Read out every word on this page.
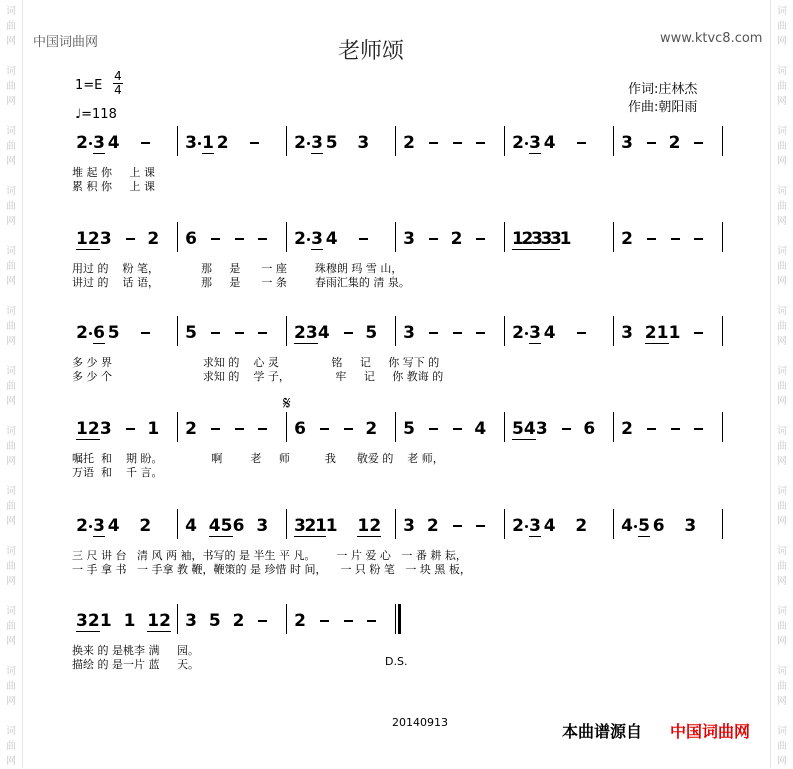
词
曲
网
词
曲
网
词
曲
网
词
曲
网
词
曲
网
词
曲
网
词
曲
网
词
曲
网
词
曲
网
词
曲
网
词
曲
网
词
曲
网
词
曲
网
词
曲
网
词
曲
网
词
曲
网
词
曲
网
词
曲
网
词
曲
网
词
曲
网
词
曲
网
词
曲
网
词
曲
网
词
曲
网
词
曲
网
词
曲
网
中国词曲网	www.ktvc8.com
老师颂
1=E
4
4
♩=118
作词:庄林杰
作曲:朝阳雨
2 3 4	3 1 2	2 3 5 3 2	2 3 4	3 2
堆 起 你     上 课
累 积 你     上 课
1 2 3 2 6	2 3 4	3 2	1
2
3
3
3
1	2
用过 的    粉 笔，            那     是      一 座        珠穆朗 玛 雪 山，
讲过 的    话 语，            那     是      一 条        春雨汇集的 清 泉。
2 6 5	5	2 3 4 5 3	2 3 4	3 2 1 1
多 少 界                          求知 的    心 灵               铭     记     你 写下 的
多 少 个                          求知 的    学 子，             牢     记     你 教诲 的
1 2 3 1 2	6	2 5	4 5 4 3 6 2
嘱托  和    期 盼。              啊        老     师          我      敬爱 的    老 师，
万语  和    千 言。
2 3 4 2 4 4 5 6 3 3
2
1
1 1 2 3 2	2 3 4 2 4 5 6 3
三 尺 讲 台   清 风 两 袖，书写的 是 半生 平 凡。      一 片 爱 心   一 番 耕 耘，
一 手 拿 书   一 手拿 教 鞭，鞭策的 是 珍惜 时 间，    一 只 粉 笔   一 块 黑 板，
3 2 1 1 1 2 3 5 2	2
换来 的 是桃李 满     园。
描绘 的 是一片 蓝     天。
𝄋
D.S.
20140913	本曲谱源自 中国词曲网
